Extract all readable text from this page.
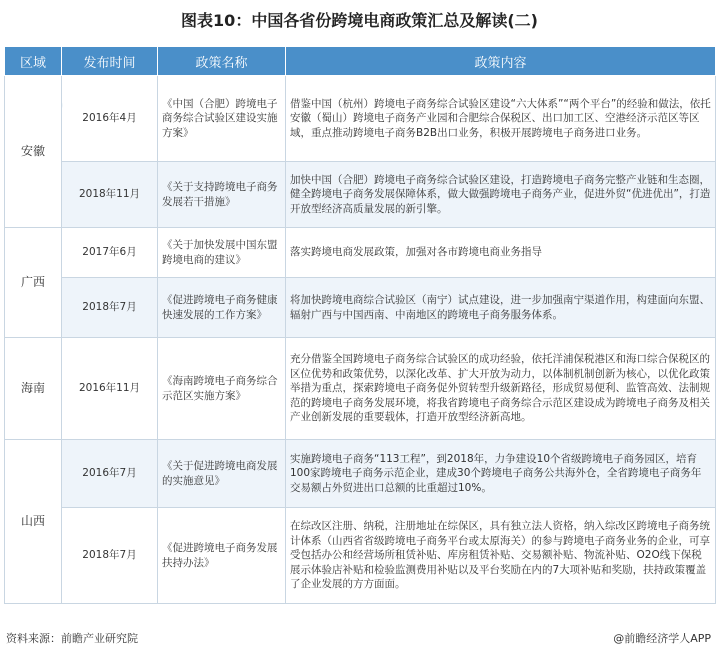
图表10：中国各省份跨境电商政策汇总及解读(二)
区域	发布时间	政策名称	政策内容
安徽	2016年4月	《中国（合肥）跨境电子商务综合试验区建设实施方案》	借鉴中国（杭州）跨境电子商务综合试验区建设“六大体系”“两个平台”的经验和做法，依托安徽（蜀山）跨境电子商务产业园和合肥综合保税区、出口加工区、空港经济示范区等区域，重点推动跨境电子商务B2B出口业务，积极开展跨境电子商务进口业务。
	2018年11月	《关于支持跨境电子商务发展若干措施》	加快中国（合肥）跨境电子商务综合试验区建设，打造跨境电子商务完整产业链和生态圈，健全跨境电子商务发展保障体系，做大做强跨境电子商务产业，促进外贸“优进优出”，打造开放型经济高质量发展的新引擎。
广西	2017年6月	《关于加快发展中国东盟跨境电商的建议》	落实跨境电商发展政策，加强对各市跨境电商业务指导
	2018年7月	《促进跨境电子商务健康快速发展的工作方案》	将加快跨境电商综合试验区（南宁）试点建设，进一步加强南宁渠道作用，构建面向东盟、辐射广西与中国西南、中南地区的跨境电子商务服务体系。
海南	2016年11月	《海南跨境电子商务综合示范区实施方案》	充分借鉴全国跨境电子商务综合试验区的成功经验，依托洋浦保税港区和海口综合保税区的区位优势和政策优势，以深化改革、扩大开放为动力，以体制机制创新为核心，以优化政策举措为重点，探索跨境电子商务促外贸转型升级新路径，形成贸易便利、监管高效、法制规范的跨境电子商务发展环境，将我省跨境电子商务综合示范区建设成为跨境电子商务及相关产业创新发展的重要载体，打造开放型经济新高地。
山西	2016年7月	《关于促进跨境电商发展的实施意见》	实施跨境电子商务“113工程”，到2018年，力争建设10个省级跨境电子商务园区，培育100家跨境电子商务示范企业，建成30个跨境电子商务公共海外仓，全省跨境电子商务年交易额占外贸进出口总额的比重超过10%。
	2018年7月	《促进跨境电子商务发展扶持办法》	在综改区注册、纳税，注册地址在综保区，具有独立法人资格，纳入综改区跨境电子商务统计体系（山西省省级跨境电子商务平台或太原海关）的参与跨境电子商务业务的企业，可享受包括办公和经营场所租赁补贴、库房租赁补贴、交易额补贴、物流补贴、O2O线下保税展示体验店补贴和检验监测费用补贴以及平台奖励在内的7大项补贴和奖励，扶持政策覆盖了企业发展的方方面面。
资料来源：前瞻产业研究院	@前瞻经济学人APP
